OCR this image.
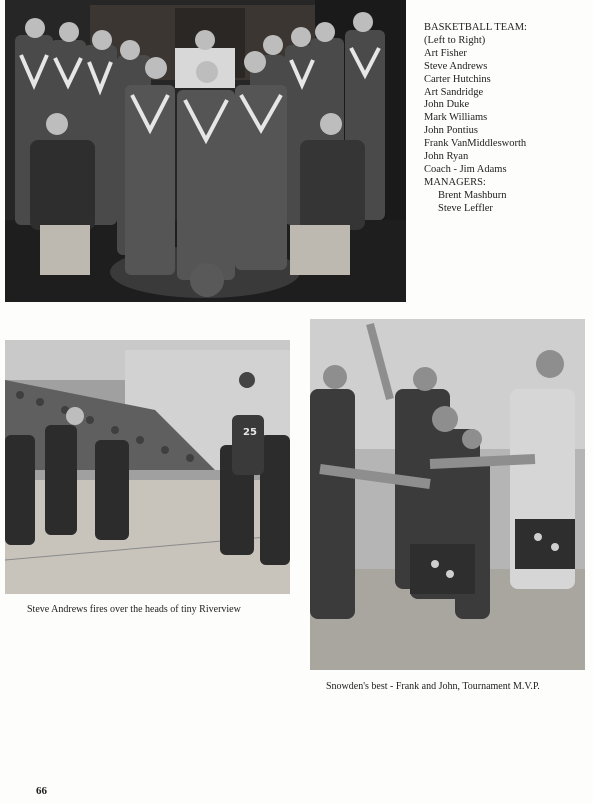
BASKETBALL TEAM:
(Left to Right)
Art Fisher
Steve Andrews
Carter Hutchins
Art Sandridge
John Duke
Mark Williams
John Pontius
Frank VanMiddlesworth
John Ryan
Coach - Jim Adams
MANAGERS:
Brent Mashburn
Steve Leffler
25
Steve Andrews fires over the heads of tiny Riverview
Snowden's best - Frank and John, Tournament M.V.P.
66
